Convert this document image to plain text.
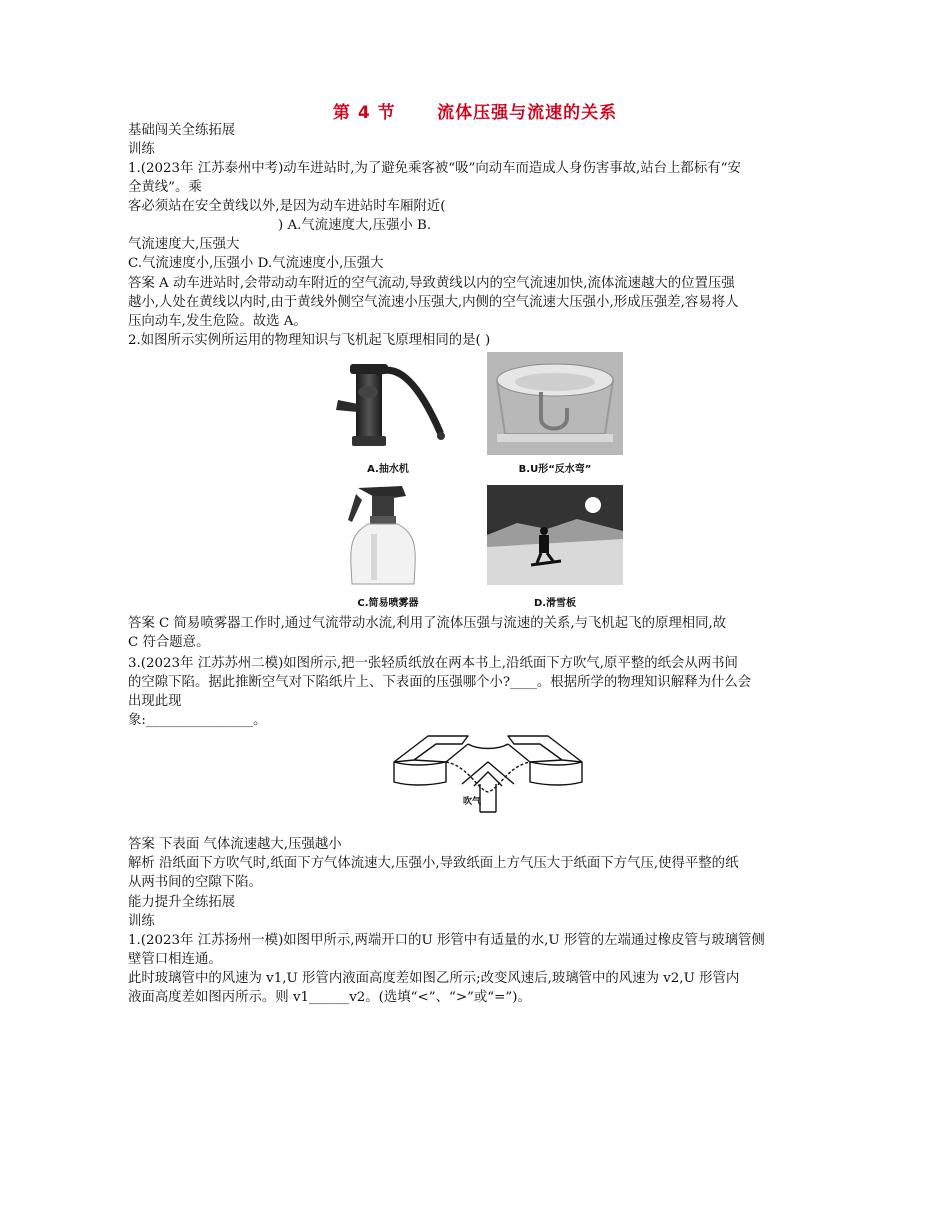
第 4 节 流体压强与流速的关系
基础闯关全练拓展
训练
1.(2023年 江苏泰州中考)动车进站时,为了避免乘客被“吸”向动车而造成人身伤害事故,站台上都标有“安
全黄线”。乘
客必须站在安全黄线以外,是因为动车进站时车厢附近(
) A.气流速度大,压强小 B.
气流速度大,压强大
C.气流速度小,压强小 D.气流速度小,压强大
答案 A 动车进站时,会带动动车附近的空气流动,导致黄线以内的空气流速加快,流体流速越大的位置压强
越小,人处在黄线以内时,由于黄线外侧空气流速小压强大,内侧的空气流速大压强小,形成压强差,容易将人
压向动车,发生危险。故选 A。
2.如图所示实例所运用的物理知识与飞机起飞原理相同的是( )
A.抽水机	B.U形“反水弯”
C.简易喷雾器	D.滑雪板
答案 C 简易喷雾器工作时,通过气流带动水流,利用了流体压强与流速的关系,与飞机起飞的原理相同,故
C 符合题意。
3.(2023年 江苏苏州二模)如图所示,把一张轻质纸放在两本书上,沿纸面下方吹气,原平整的纸会从两书间
的空隙下陷。据此推断空气对下陷纸片上、下表面的压强哪个小?____。根据所学的物理知识解释为什么会
出现此现
象:________________。
吹气
答案 下表面 气体流速越大,压强越小
解析 沿纸面下方吹气时,纸面下方气体流速大,压强小,导致纸面上方气压大于纸面下方气压,使得平整的纸
从两书间的空隙下陷。
能力提升全练拓展
训练
1.(2023年 江苏扬州一模)如图甲所示,两端开口的U 形管中有适量的水,U 形管的左端通过橡皮管与玻璃管侧
壁管口相连通。
此时玻璃管中的风速为 v1,U 形管内液面高度差如图乙所示;改变风速后,玻璃管中的风速为 v2,U 形管内
液面高度差如图丙所示。则 v1______v2。(选填“<”、“>”或“=”)。
